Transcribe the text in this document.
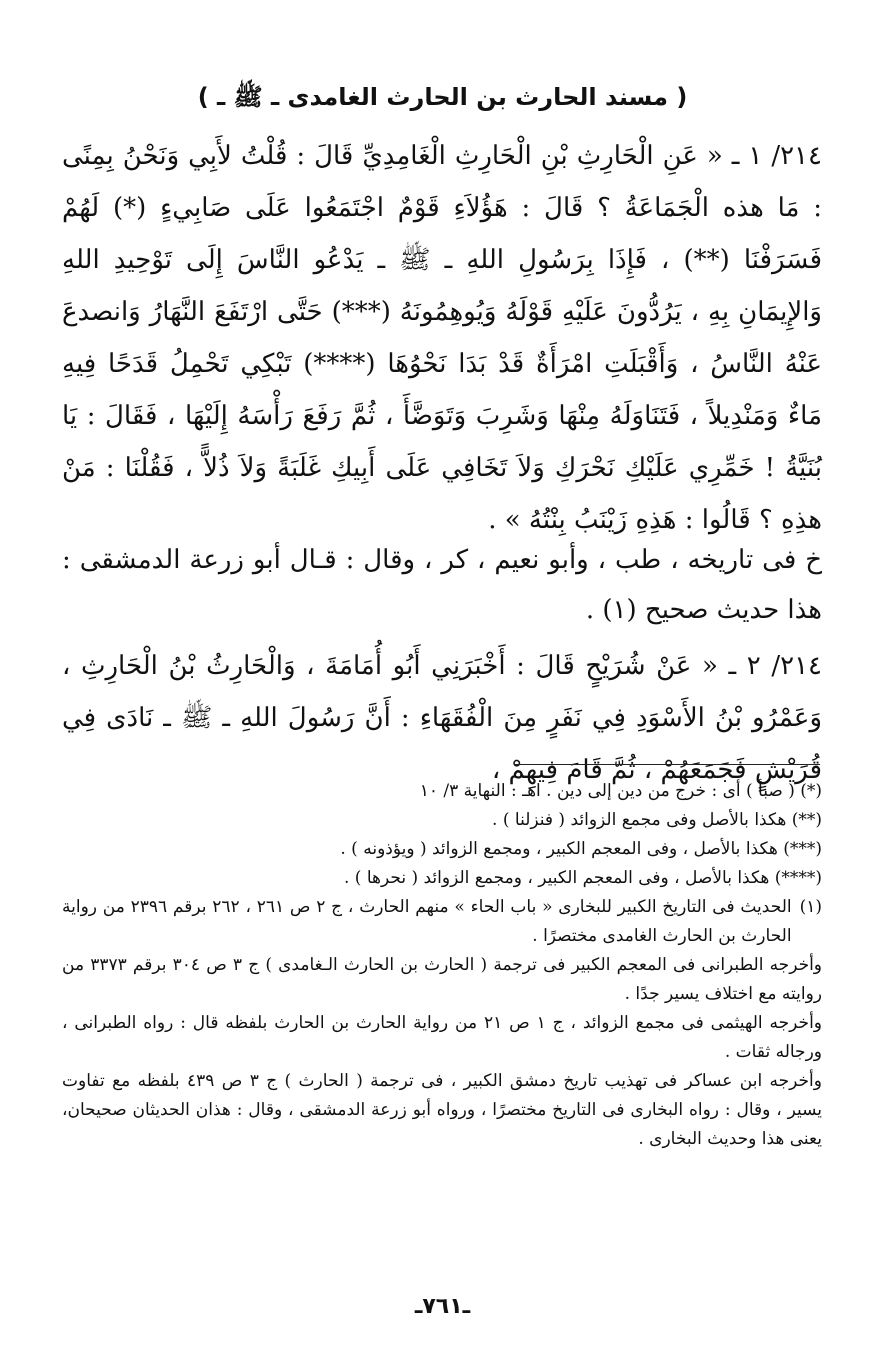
( مسند الحارث بن الحارث الغامدى ـ ﷺ ـ )

٢١٤/ ١ ـ « عَنِ الْحَارِثِ بْنِ الْحَارِثِ الْغَامِدِيِّ قَالَ : قُلْتُ لأَبِي وَنَحْنُ بِمِنًى : مَا هذه الْجَمَاعَةُ ؟ قَالَ : هَؤُلاَءِ قَوْمٌ اجْتَمَعُوا عَلَى صَابِيءٍ (*) لَهُمْ فَسَرَفْنَا (**) ، فَإِذَا بِرَسُولِ اللهِ ـ ﷺ ـ يَدْعُو النَّاسَ إِلَى تَوْحِيدِ اللهِ وَالإِيمَانِ بِهِ ، يَرُدُّونَ عَلَيْهِ قَوْلَهُ وَيُوهِمُونَهُ (***) حَتَّى ارْتَفَعَ النَّهَارُ وَانصدعَ عَنْهُ النَّاسُ ، وَأَقْبَلَتِ امْرَأَةٌ قَدْ بَدَا نَحْوُهَا (****) تَبْكِي تَحْمِلُ قَدَحًا فِيهِ مَاءٌ وَمَنْدِيلاً ، فَتَنَاوَلَهُ مِنْهَا وَشَرِبَ وَتَوَضَّأَ ، ثُمَّ رَفَعَ رَأْسَهُ إِلَيْهَا ، فَقَالَ : يَا بُنَيَّةُ ! خَمِّرِي عَلَيْكِ نَحْرَكِ وَلاَ تَخَافِي عَلَى أَبِيكِ غَلَبَةً وَلاَ ذُلاًّ ، فَقُلْنَا : مَنْ هذِهِ ؟ قَالُوا : هَذِهِ زَيْنَبُ بِنْتُهُ » .

خ فى تاريخه ، طب ، وأبو نعيم ، كر ، وقال : قـال أبو زرعة الدمشقى : هذا حديث صحيح (١) .

٢١٤/ ٢ ـ « عَنْ شُرَيْحٍ قَالَ : أَخْبَرَنِي أَبُو أُمَامَةَ ، وَالْحَارِثُ بْنُ الْحَارِثِ ، وَعَمْرُو بْنُ الأَسْوَدِ فِي نَفَرٍ مِنَ الْفُقَهَاءِ : أَنَّ رَسُولَ اللهِ ـ ﷺ ـ نَادَى فِي قُرَيْشٍ فَجَمَعَهُمْ ، ثُمَّ قَامَ فِيهِمْ ،

(*) ( صبأ ) أى : خرج من دين إلى دين . اهـ : النهاية ٣/ ١٠

(**) هكذا بالأصل وفى مجمع الزوائد ( فنزلنا ) .

(***) هكذا بالأصل ، وفى المعجم الكبير ، ومجمع الزوائد ( ويؤذونه ) .

(****) هكذا بالأصل ، وفى المعجم الكبير ، ومجمع الزوائد ( نحرها ) .

(١)
الحديث فى التاريخ الكبير للبخارى « باب الحاء » منهم الحارث ، ج ٢ ص ٢٦١ ، ٢٦٢ برقم ٢٣٩٦ من رواية الحارث بن الحارث الغامدى مختصرًا .

وأخرجه الطبرانى فى المعجم الكبير فى ترجمة ( الحارث بن الحارث الـغامدى ) ج ٣ ص ٣٠٤ برقم ٣٣٧٣ من روايته مع اختلاف يسير جدًا .

وأخرجه الهيثمى فى مجمع الزوائد ، ج ١ ص ٢١ من رواية الحارث بن الحارث بلفظه قال : رواه الطبرانى ، ورجاله ثقات .

وأخرجه ابن عساكر فى تهذيب تاريخ دمشق الكبير ، فى ترجمة ( الحارث ) ج ٣ ص ٤٣٩ بلفظه مع تفاوت يسير ، وقال : رواه البخارى فى التاريخ مختصرًا ، ورواه أبو زرعة الدمشقى ، وقال : هذان الحديثان صحيحان، يعنى هذا وحديث البخارى .

ـ٧٦١ـ
